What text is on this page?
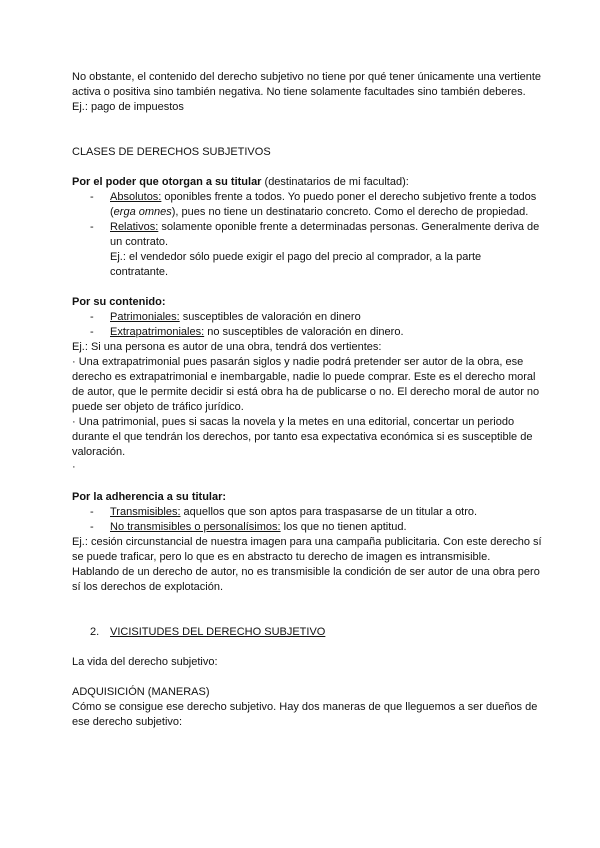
No obstante, el contenido del derecho subjetivo no tiene por qué tener únicamente una vertiente activa o positiva sino también negativa. No tiene solamente facultades sino también deberes.

Ej.: pago de impuestos

CLASES DE DERECHOS SUBJETIVOS

Por el poder que otorgan a su titular (destinatarios de mi facultad):

- Absolutos: oponibles frente a todos. Yo puedo poner el derecho subjetivo frente a todos (erga omnes), pues no tiene un destinatario concreto. Como el derecho de propiedad.
- Relativos: solamente oponible frente a determinadas personas. Generalmente deriva de un contrato.
Ej.: el vendedor sólo puede exigir el pago del precio al comprador, a la parte contratante.

Por su contenido:

- Patrimoniales: susceptibles de valoración en dinero
- Extrapatrimoniales: no susceptibles de valoración en dinero.

Ej.: Si una persona es autor de una obra, tendrá dos vertientes:

· Una extrapatrimonial pues pasarán siglos y nadie podrá pretender ser autor de la obra, ese derecho es extrapatrimonial e inembargable, nadie lo puede comprar. Este es el derecho moral de autor, que le permite decidir si está obra ha de publicarse o no. El derecho moral de autor no puede ser objeto de tráfico jurídico.

· Una patrimonial, pues si sacas la novela y la metes en una editorial, concertar un periodo durante el que tendrán los derechos, por tanto esa expectativa económica si es susceptible de valoración.

·

Por la adherencia a su titular:

- Transmisibles: aquellos que son aptos para traspasarse de un titular a otro.
- No transmisibles o personalísimos: los que no tienen aptitud.

Ej.: cesión circunstancial de nuestra imagen para una campaña publicitaria. Con este derecho sí se puede traficar, pero lo que es en abstracto tu derecho de imagen es intransmisible.

Hablando de un derecho de autor, no es transmisible la condición de ser autor de una obra pero sí los derechos de explotación.

2. VICISITUDES DEL DERECHO SUBJETIVO

La vida del derecho subjetivo:

ADQUISICIÓN (MANERAS)

Cómo se consigue ese derecho subjetivo. Hay dos maneras de que lleguemos a ser dueños de ese derecho subjetivo:
